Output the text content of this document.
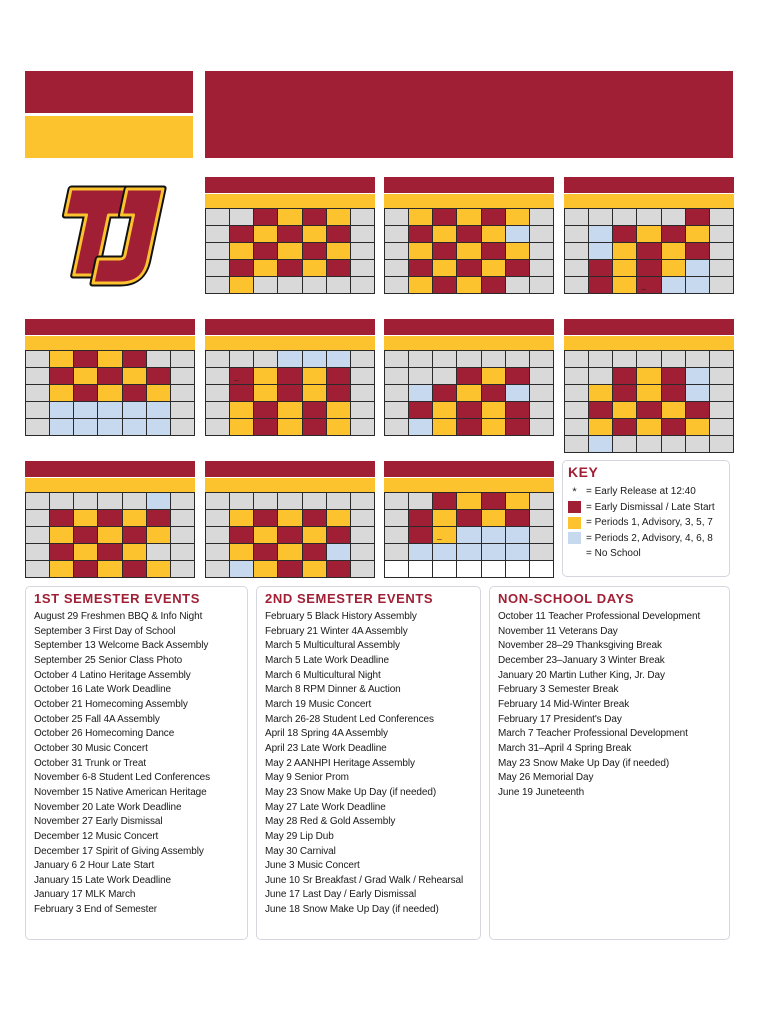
_
_
_
KEY
* = Early Release at 12:40
= Early Dismissal / Late Start
= Periods 1, Advisory, 3, 5, 7
= Periods 2, Advisory, 4, 6, 8
= No School
1ST SEMESTER EVENTS
August 29 Freshmen BBQ & Info Night
September 3 First Day of School
September 13 Welcome Back Assembly
September 25 Senior Class Photo
October 4 Latino Heritage Assembly
October 16 Late Work Deadline
October 21 Homecoming Assembly
October 25 Fall 4A Assembly
October 26 Homecoming Dance
October 30 Music Concert
October 31 Trunk or Treat
November 6-8 Student Led Conferences
November 15 Native American Heritage
November 20 Late Work Deadline
November 27 Early Dismissal
December 12 Music Concert
December 17 Spirit of Giving Assembly
January 6 2 Hour Late Start
January 15 Late Work Deadline
January 17 MLK March
February 3 End of Semester
2ND SEMESTER EVENTS
February 5 Black History Assembly
February 21 Winter 4A Assembly
March 5 Multicultural Assembly
March 5 Late Work Deadline
March 6 Multicultural Night
March 8 RPM Dinner & Auction
March 19 Music Concert
March 26-28 Student Led Conferences
April 18 Spring 4A Assembly
April 23 Late Work Deadline
May 2 AANHPI Heritage Assembly
May 9 Senior Prom
May 23 Snow Make Up Day (if needed)
May 27 Late Work Deadline
May 28 Red & Gold Assembly
May 29 Lip Dub
May 30 Carnival
June 3 Music Concert
June 10 Sr Breakfast / Grad Walk / Rehearsal
June 17 Last Day / Early Dismissal
June 18 Snow Make Up Day (if needed)
NON-SCHOOL DAYS
October 11 Teacher Professional Development
November 11 Veterans Day
November 28–29 Thanksgiving Break
December 23–January 3 Winter Break
January 20 Martin Luther King, Jr. Day
February 3 Semester Break
February 14 Mid-Winter Break
February 17 President's Day
March 7 Teacher Professional Development
March 31–April 4 Spring Break
May 23 Snow Make Up Day (if needed)
May 26 Memorial Day
June 19 Juneteenth
